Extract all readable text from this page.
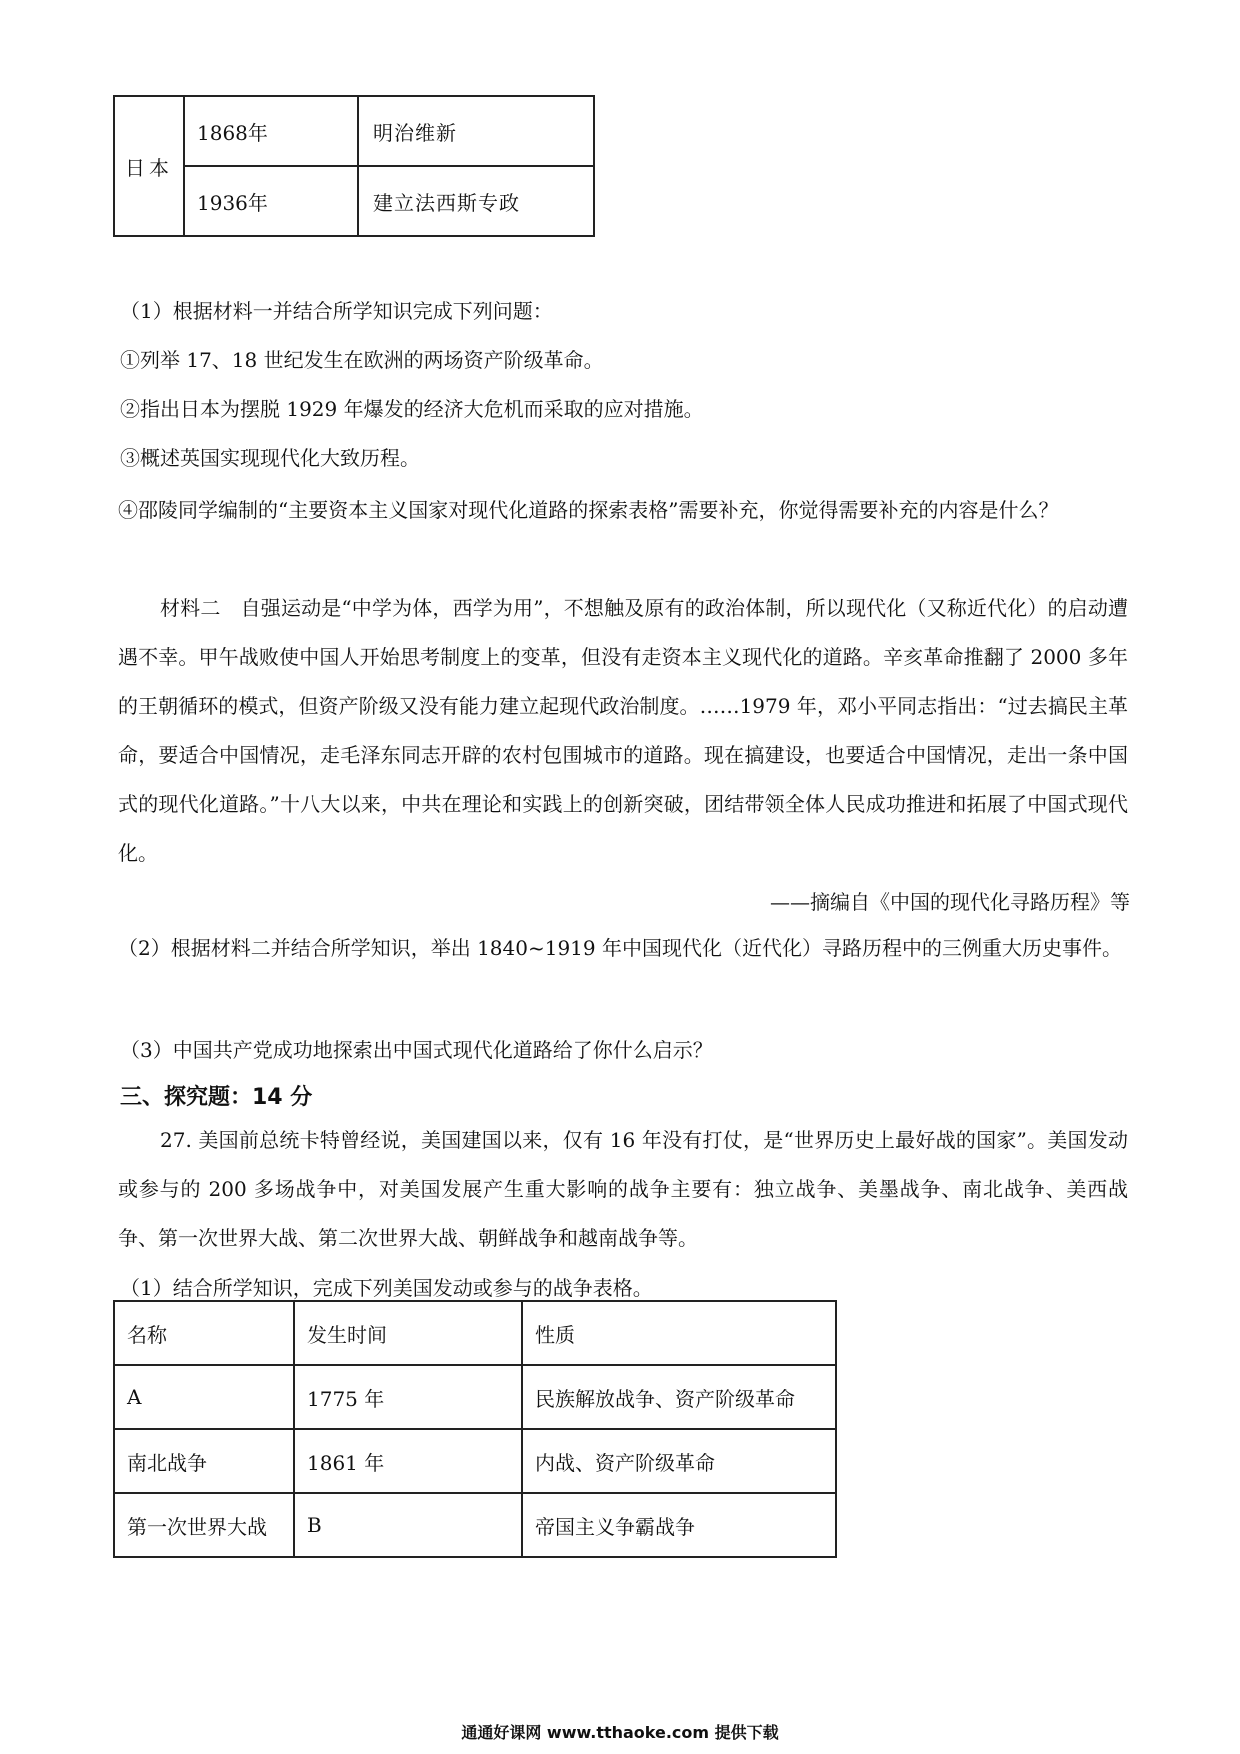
日本	1868年	明治维新
	1936年	建立法西斯专政
（1）根据材料一并结合所学知识完成下列问题：
①列举 17、18 世纪发生在欧洲的两场资产阶级革命。
②指出日本为摆脱 1929 年爆发的经济大危机而采取的应对措施。
③概述英国实现现代化大致历程。
④邵陵同学编制的“主要资本主义国家对现代化道路的探索表格”需要补充，你觉得需要补充的内容是什么？
材料二　自强运动是“中学为体，西学为用”，不想触及原有的政治体制，所以现代化（又称近代化）的启动遭遇不幸。甲午战败使中国人开始思考制度上的变革，但没有走资本主义现代化的道路。辛亥革命推翻了 2000 多年的王朝循环的模式，但资产阶级又没有能力建立起现代政治制度。……1979 年，邓小平同志指出：“过去搞民主革命，要适合中国情况，走毛泽东同志开辟的农村包围城市的道路。现在搞建设，也要适合中国情况，走出一条中国式的现代化道路。”十八大以来，中共在理论和实践上的创新突破，团结带领全体人民成功推进和拓展了中国式现代化。
——摘编自《中国的现代化寻路历程》等
（2）根据材料二并结合所学知识，举出 1840~1919 年中国现代化（近代化）寻路历程中的三例重大历史事件。
（3）中国共产党成功地探索出中国式现代化道路给了你什么启示？
三、探究题：14 分
27. 美国前总统卡特曾经说，美国建国以来，仅有 16 年没有打仗，是“世界历史上最好战的国家”。美国发动或参与的 200 多场战争中，对美国发展产生重大影响的战争主要有：独立战争、美墨战争、南北战争、美西战争、第一次世界大战、第二次世界大战、朝鲜战争和越南战争等。
（1）结合所学知识，完成下列美国发动或参与的战争表格。
名称	发生时间	性质
A	1775 年	民族解放战争、资产阶级革命
南北战争	1861 年	内战、资产阶级革命
第一次世界大战	B	帝国主义争霸战争
通通好课网 www.tthaoke.com 提供下载
